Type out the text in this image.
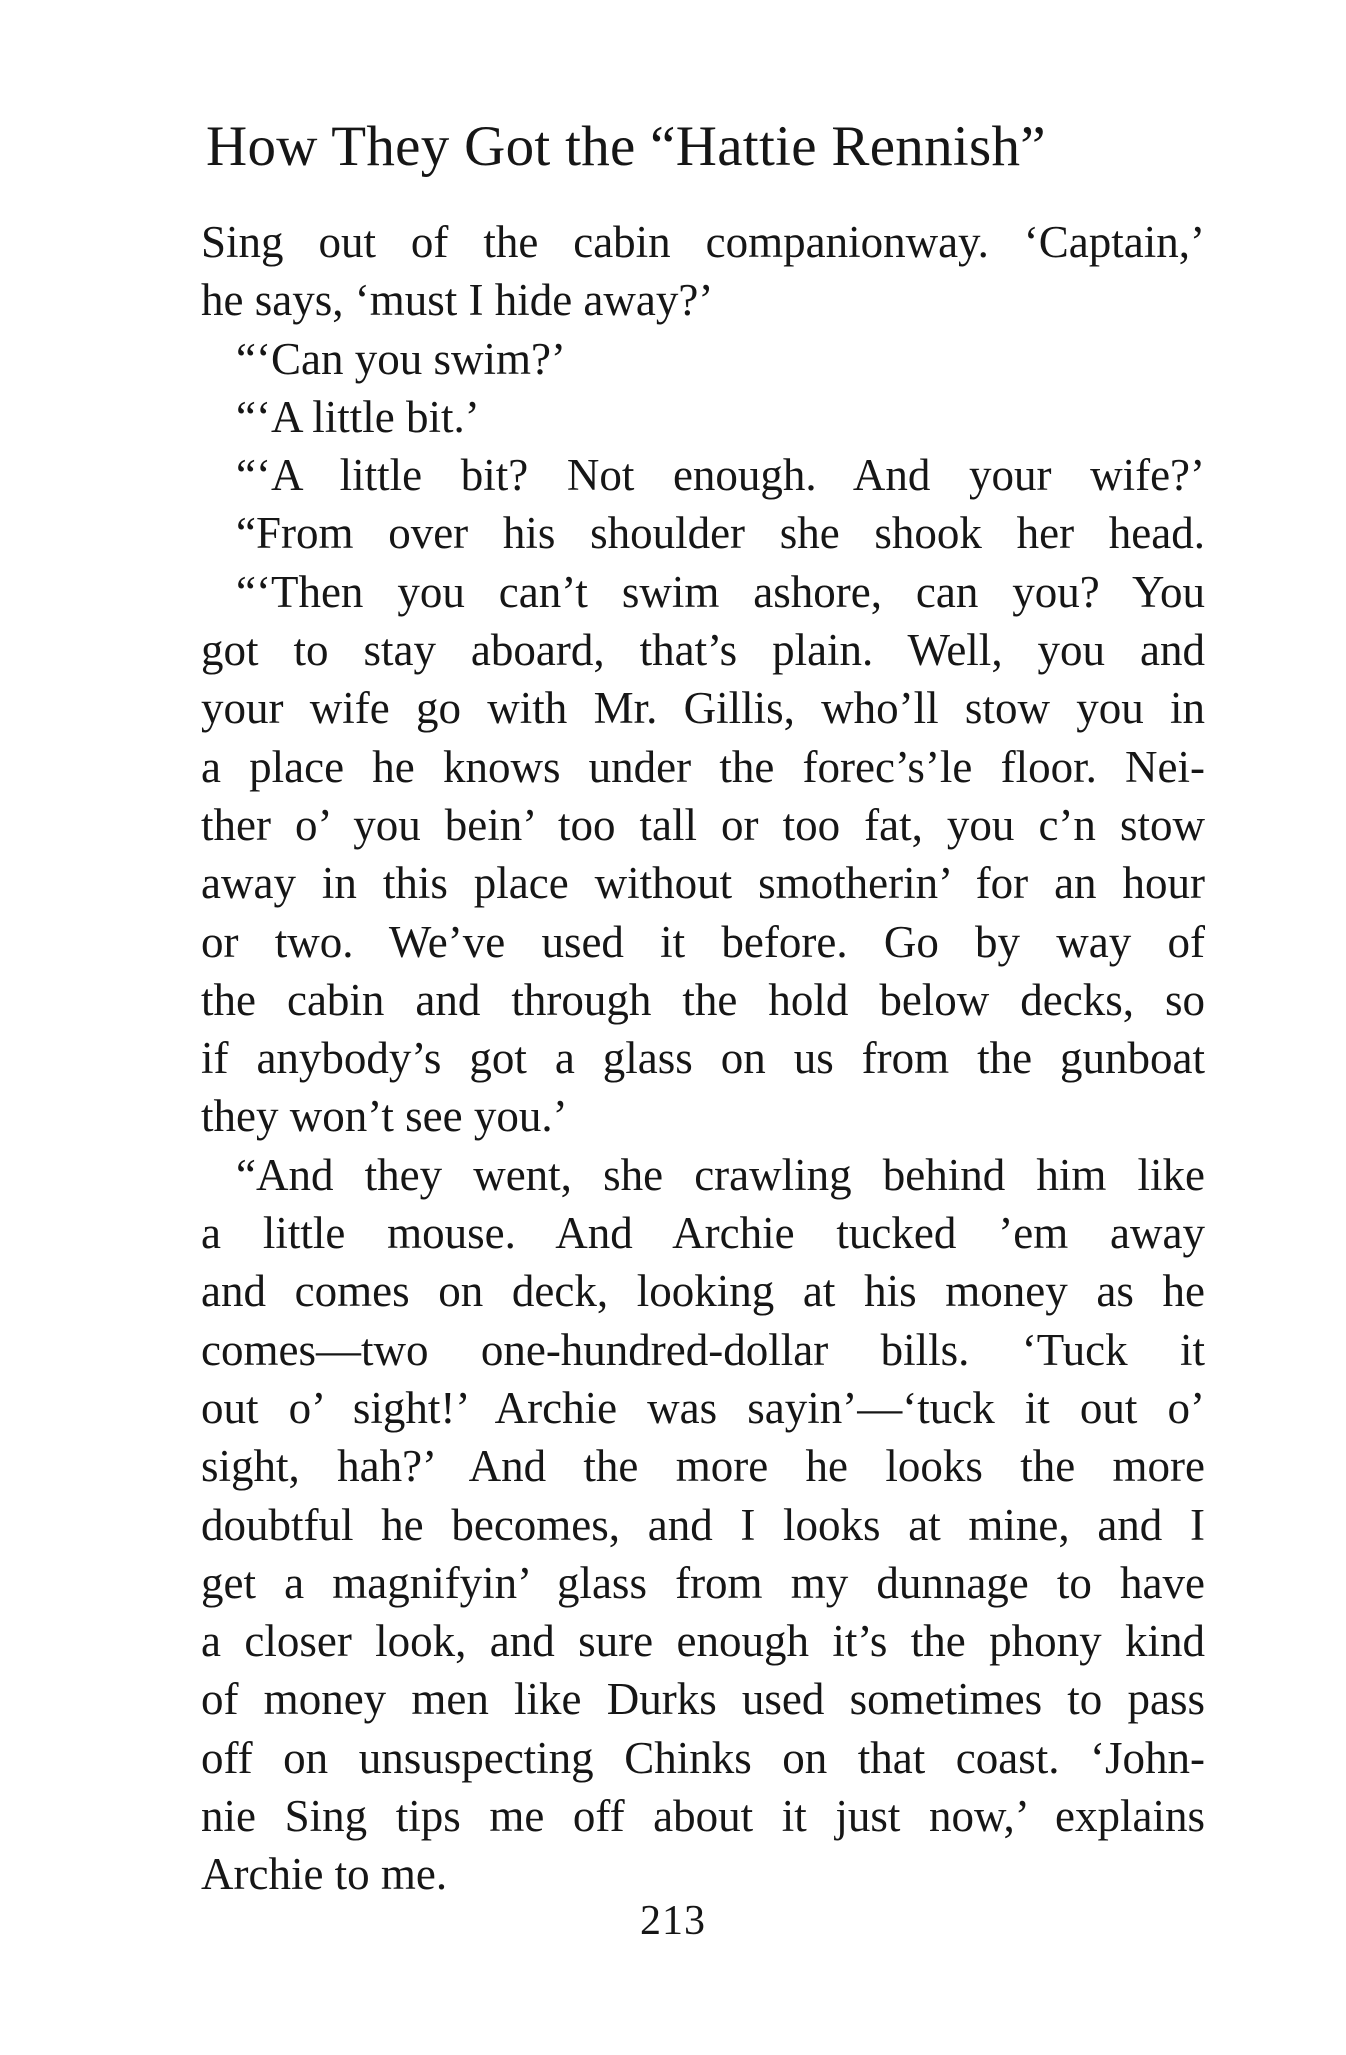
How They Got the “Hattie Rennish”
Sing out of the cabin companionway. ‘Captain,’
he says, ‘must I hide away?’
“‘Can you swim?’
“‘A little bit.’
“‘A little bit? Not enough. And your wife?’
“From over his shoulder she shook her head.
“‘Then you can’t swim ashore, can you? You
got to stay aboard, that’s plain. Well, you and
your wife go with Mr. Gillis, who’ll stow you in
a place he knows under the forec’s’le floor. Nei-
ther o’ you bein’ too tall or too fat, you c’n stow
away in this place without smotherin’ for an hour
or two. We’ve used it before. Go by way of
the cabin and through the hold below decks, so
if anybody’s got a glass on us from the gunboat
they won’t see you.’
“And they went, she crawling behind him like
a little mouse. And Archie tucked ’em away
and comes on deck, looking at his money as he
comes—two one-hundred-dollar bills. ‘Tuck it
out o’ sight!’ Archie was sayin’—‘tuck it out o’
sight, hah?’ And the more he looks the more
doubtful he becomes, and I looks at mine, and I
get a magnifyin’ glass from my dunnage to have
a closer look, and sure enough it’s the phony kind
of money men like Durks used sometimes to pass
off on unsuspecting Chinks on that coast. ‘John-
nie Sing tips me off about it just now,’ explains
Archie to me.
213
